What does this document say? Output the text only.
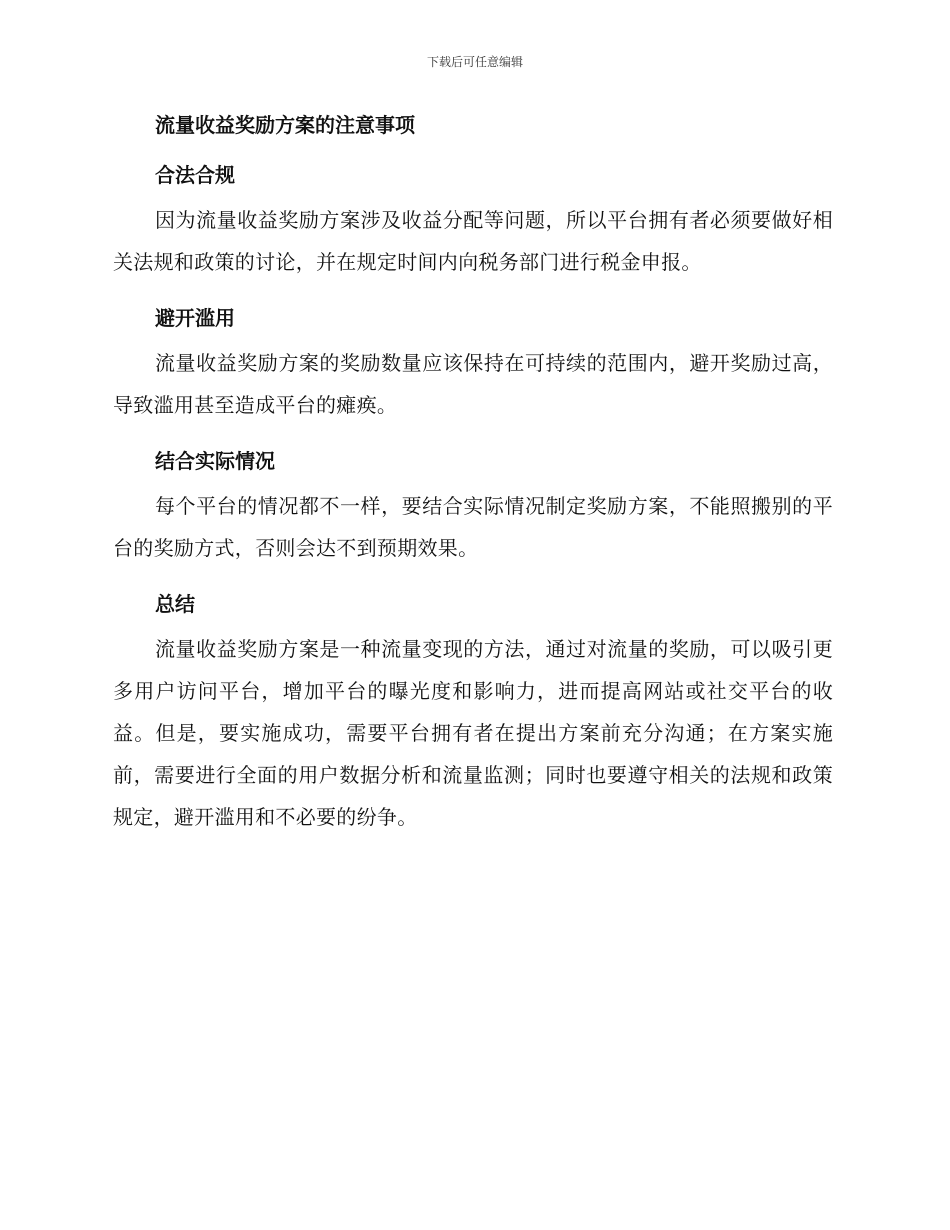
下载后可任意编辑
流量收益奖励方案的注意事项
合法合规

因为流量收益奖励方案涉及收益分配等问题，所以平台拥有者必须要做好相关法规和政策的讨论，并在规定时间内向税务部门进行税金申报。

避开滥用

流量收益奖励方案的奖励数量应该保持在可持续的范围内，避开奖励过高，导致滥用甚至造成平台的瘫痪。

结合实际情况

每个平台的情况都不一样，要结合实际情况制定奖励方案，不能照搬别的平台的奖励方式，否则会达不到预期效果。

总结

流量收益奖励方案是一种流量变现的方法，通过对流量的奖励，可以吸引更多用户访问平台，增加平台的曝光度和影响力，进而提高网站或社交平台的收益。但是，要实施成功，需要平台拥有者在提出方案前充分沟通；在方案实施前，需要进行全面的用户数据分析和流量监测；同时也要遵守相关的法规和政策规定，避开滥用和不必要的纷争。
